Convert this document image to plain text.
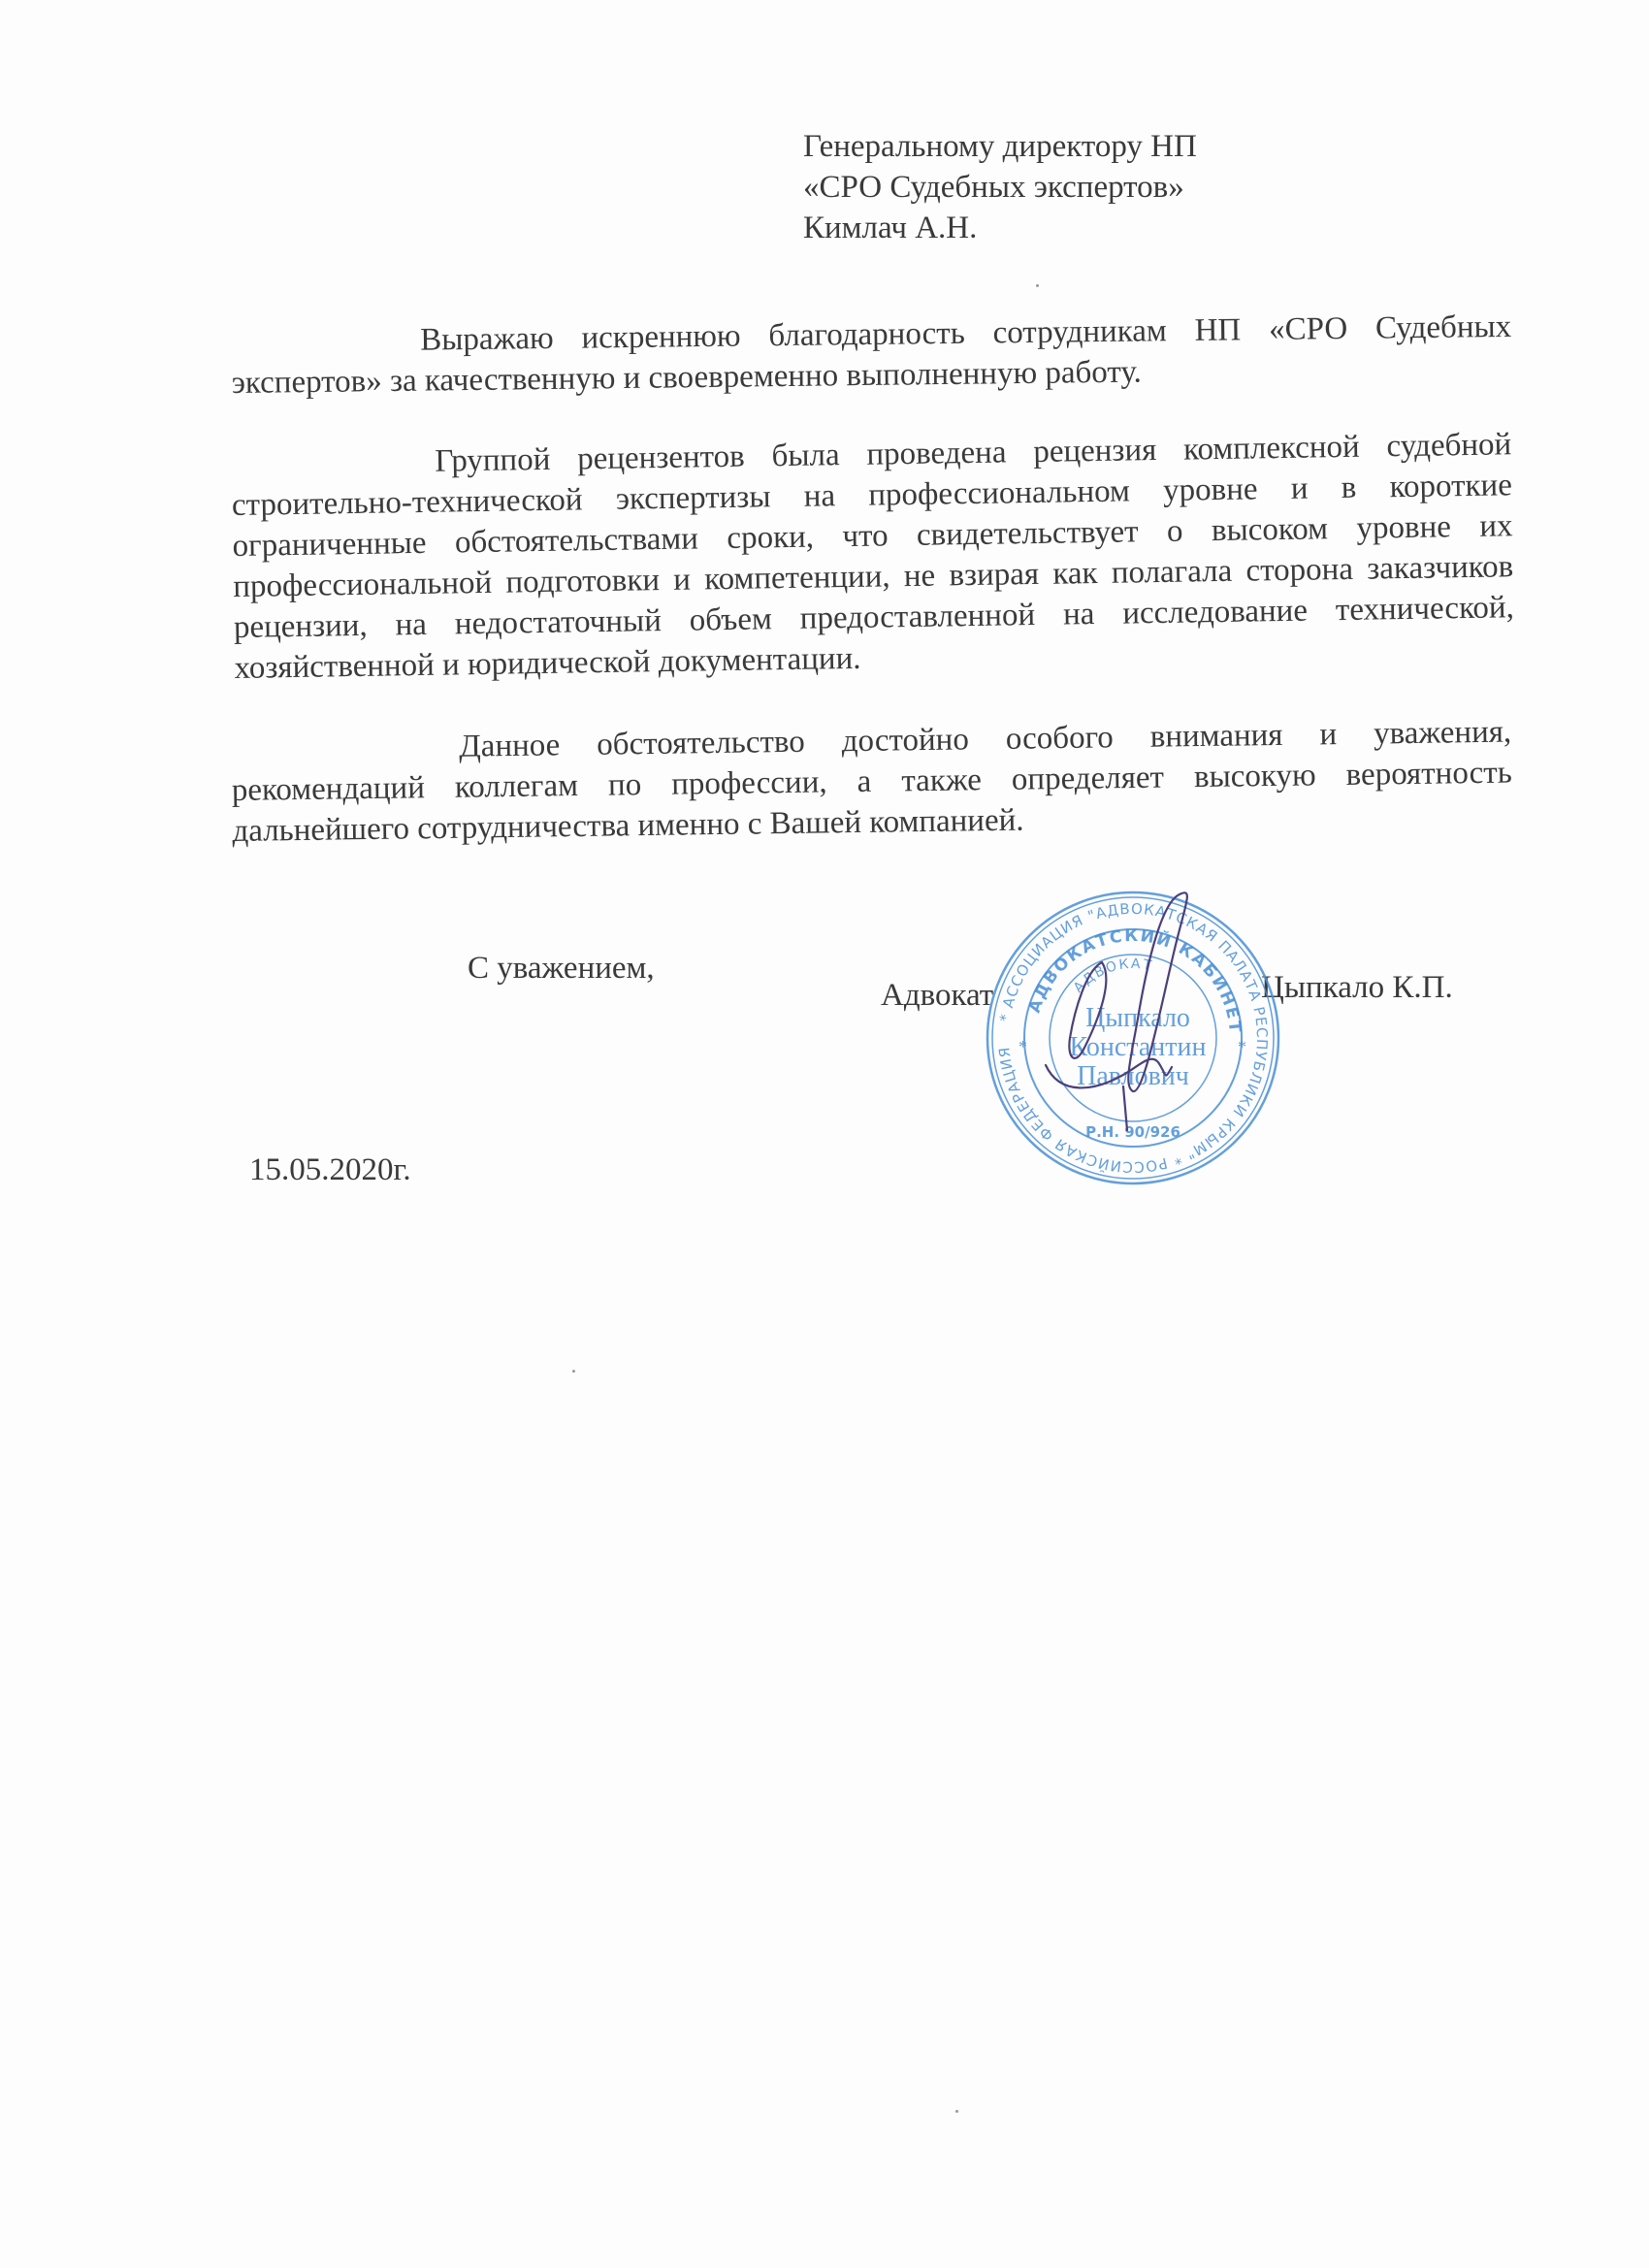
Генеральному директору НП
«СРО Судебных экспертов»
Кимлач А.Н.

Выражаю искреннюю благодарность сотрудникам НП «СРО Судебных экспертов» за качественную и своевременно выполненную работу.

Группой рецензентов была проведена рецензия комплексной судебной строительно-технической экспертизы на профессиональном уровне и в короткие ограниченные обстоятельствами сроки, что свидетельствует о высоком уровне их профессиональной подготовки и компетенции, не взирая как полагала сторона заказчиков рецензии, на недостаточный объем предоставленной на исследование технической, хозяйственной и юридической документации.

Данное обстоятельство достойно особого внимания и уважения, рекомендаций коллегам по профессии, а также определяет высокую вероятность дальнейшего сотрудничества именно с Вашей компанией.

С уважением,
Адвокат	Цыпкало К.П.
* АССОЦИАЦИЯ "АДВОКАТСКАЯ ПАЛАТА РЕСПУБЛИКИ КРЫМ" * РОССИЙСКАЯ ФЕДЕРАЦИЯ
АДВОКАТСКИЙ КАБИНЕТ
АДВОКАТ
Цыпкало
Константин
Павлович
Р.Н. 90/926
*	*
15.05.2020г.
